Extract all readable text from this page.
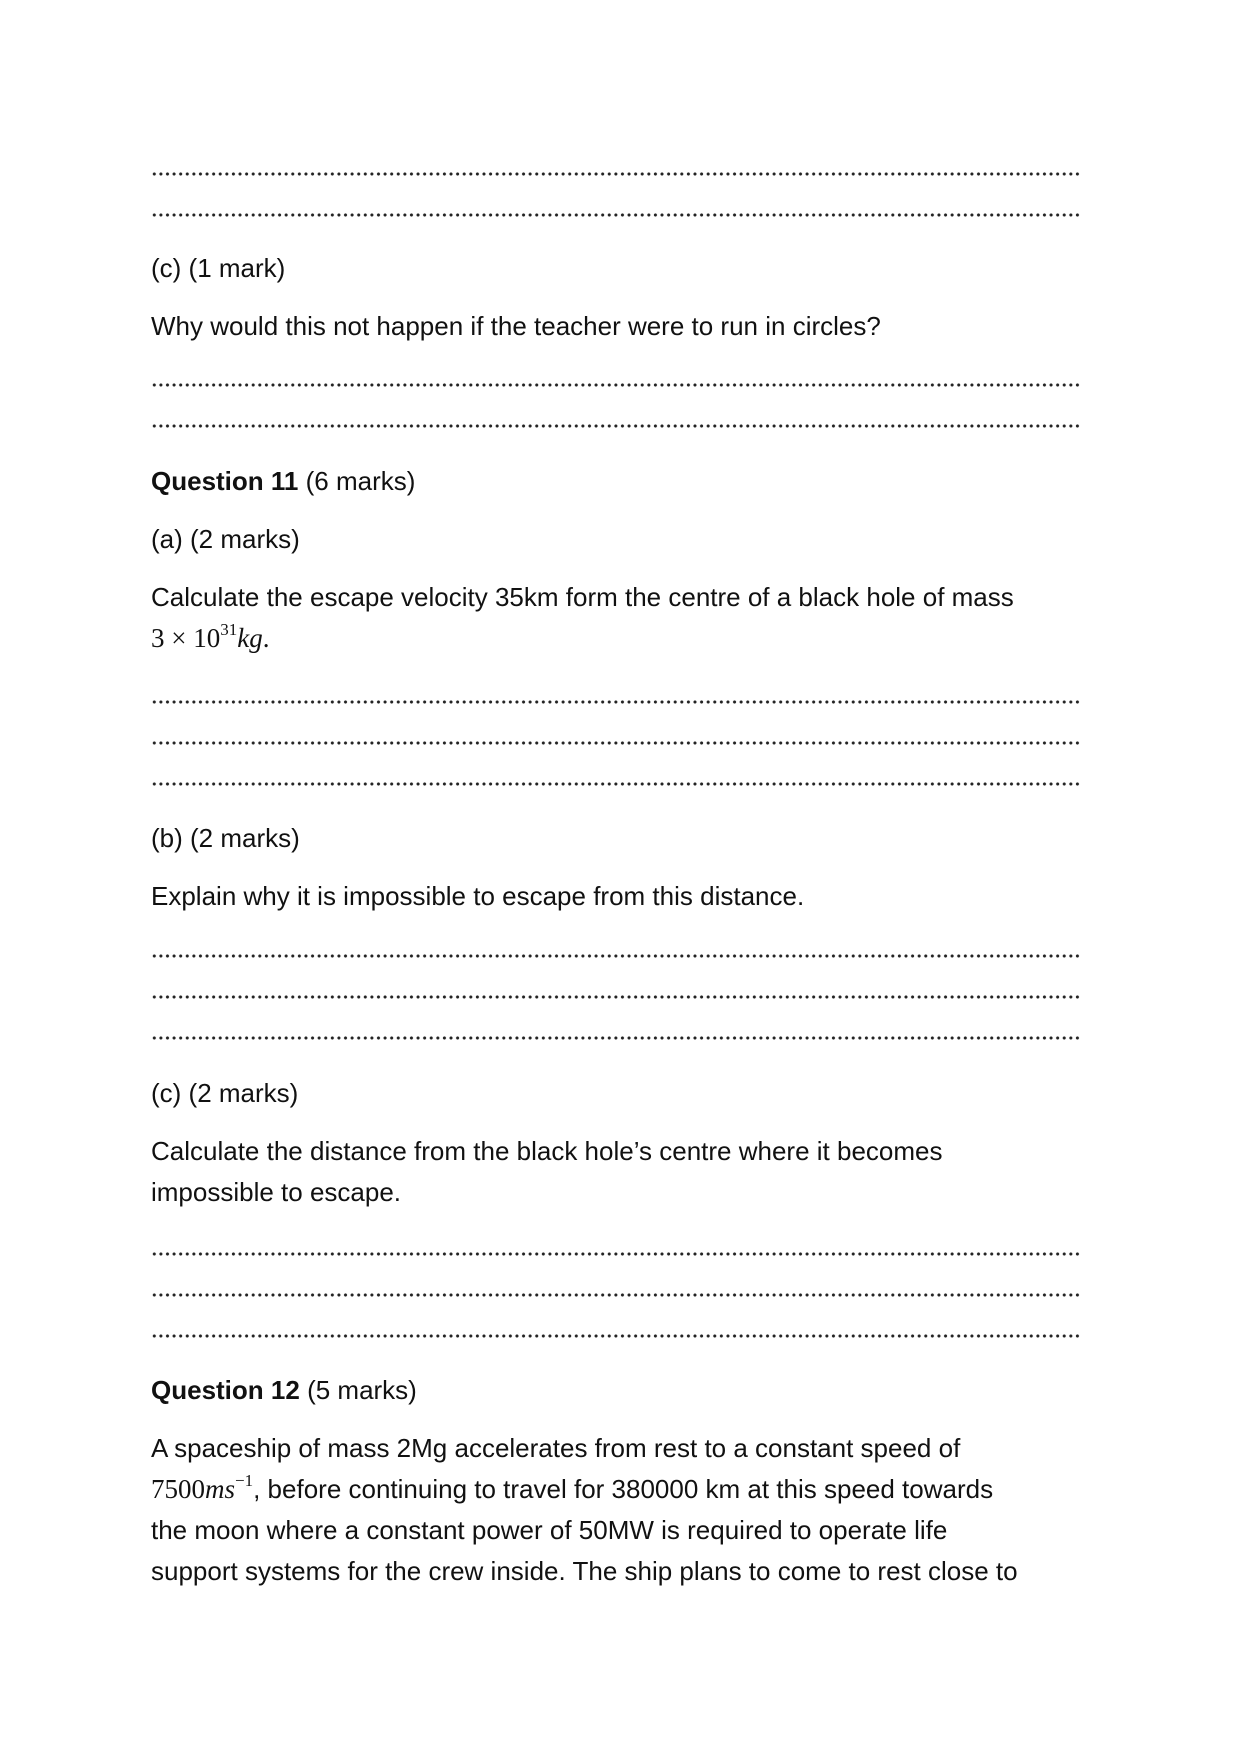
(c) (1 mark)
Why would this not happen if the teacher were to run in circles?
Question 11 (6 marks)
(a) (2 marks)
Calculate the escape velocity 35km form the centre of a black hole of mass
$3 \times 10^{31}kg$.
(b) (2 marks)
Explain why it is impossible to escape from this distance.
(c) (2 marks)
Calculate the distance from the black hole’s centre where it becomes
impossible to escape.
Question 12 (5 marks)
A spaceship of mass 2Mg accelerates from rest to a constant speed of
$7500ms^{-1}$, before continuing to travel for 380000 km at this speed towards
the moon where a constant power of 50MW is required to operate life
support systems for the crew inside. The ship plans to come to rest close to
